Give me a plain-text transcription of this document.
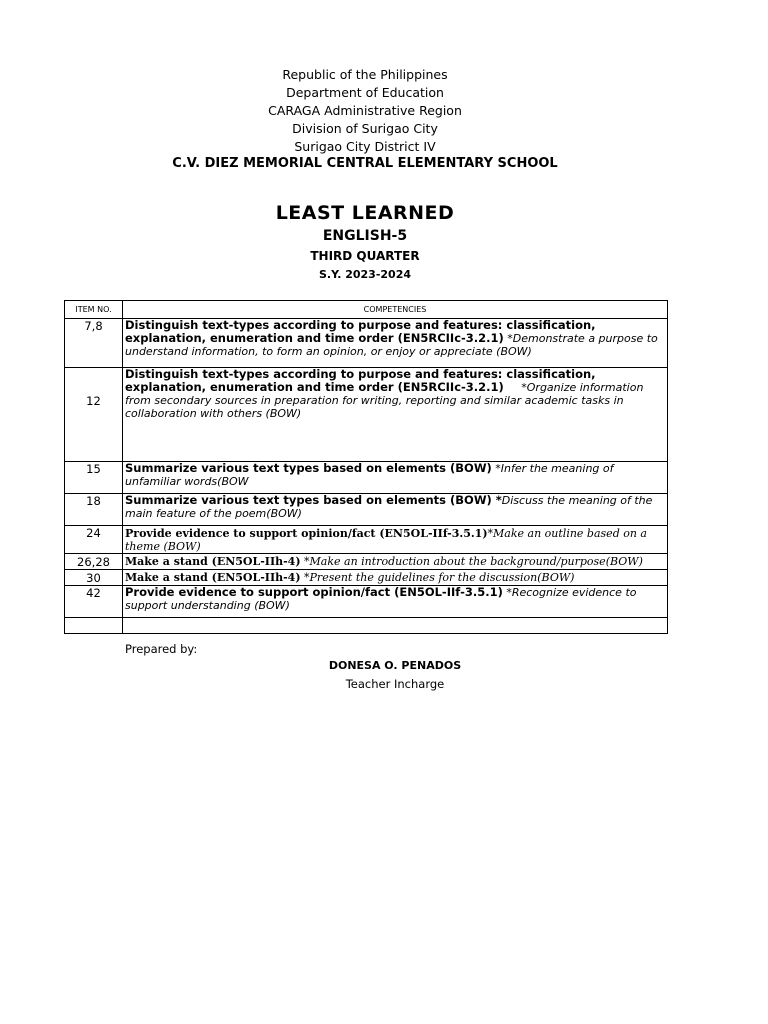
Republic of the Philippines
Department of Education
CARAGA Administrative Region
Division of Surigao City
Surigao City District IV
C.V. DIEZ MEMORIAL CENTRAL ELEMENTARY SCHOOL
LEAST LEARNED
ENGLISH-5
THIRD QUARTER
S.Y. 2023-2024
ITEM NO.	COMPETENCIES
7,8	Distinguish text-types according to purpose and features: classification, explanation, enumeration and time order (EN5RCIIc-3.2.1) *Demonstrate a purpose to understand information, to form an opinion, or enjoy or appreciate (BOW)
12	Distinguish text-types according to purpose and features: classification, explanation, enumeration and time order (EN5RCIIc-3.2.1)     *Organize information from secondary sources in preparation for writing, reporting and similar academic tasks in collaboration with others (BOW)
15	Summarize various text types based on elements (BOW) *Infer the meaning of unfamiliar words(BOW
18	Summarize various text types based on elements (BOW) *Discuss the meaning of the main feature of the poem(BOW)
24	Provide evidence to support opinion/fact (EN5OL-IIf-3.5.1)*Make an outline based on a theme (BOW)
26,28	Make a stand (EN5OL-IIh-4) *Make an introduction about the background/purpose(BOW)
30	Make a stand (EN5OL-IIh-4) *Present the guidelines for the discussion(BOW)
42	Provide evidence to support opinion/fact (EN5OL-IIf-3.5.1) *Recognize evidence to support understanding (BOW)

Prepared by:
DONESA O. PENADOS
Teacher Incharge
